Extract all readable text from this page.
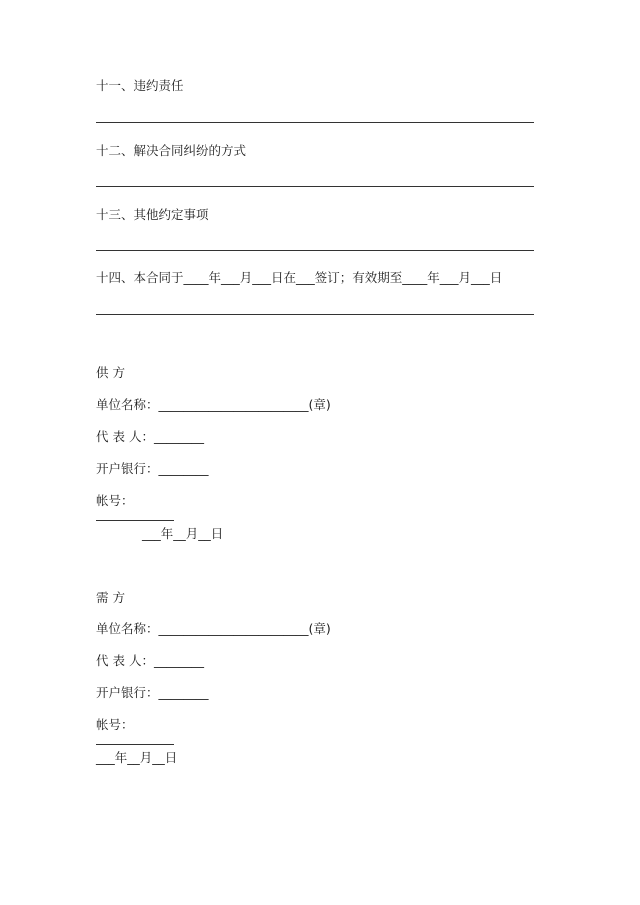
十一、违约责任
十二、解决合同纠纷的方式
十三、其他约定事项
十四、本合同于____年___月___日在___签订；有效期至____年___月___日
供 方
单位名称：________________________(章)
代 表 人：________
开户银行：________
帐号：
___年__月__日
需 方
单位名称：________________________(章)
代 表 人：________
开户银行：________
帐号：
___年__月__日
